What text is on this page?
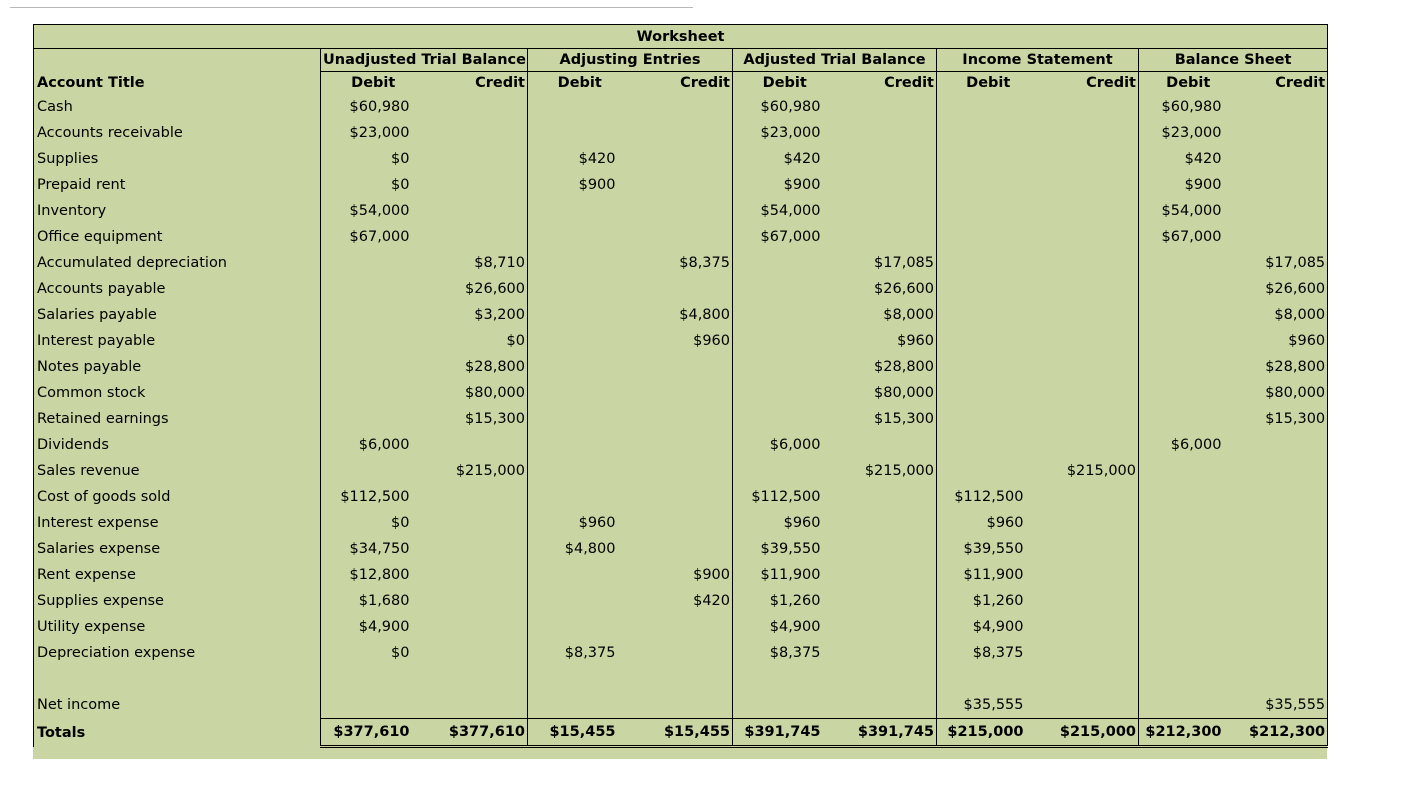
Worksheet										
	Unadjusted Trial Balance		Adjusting Entries		Adjusted Trial Balance		Income Statement		Balance Sheet	
Account Title	Debit	Credit	Debit	Credit	Debit	Credit	Debit	Credit	Debit	Credit
Cash	$60,980				$60,980				$60,980	
Accounts receivable	$23,000				$23,000				$23,000	
Supplies	$0		$420		$420				$420	
Prepaid rent	$0		$900		$900				$900	
Inventory	$54,000				$54,000				$54,000	
Office equipment	$67,000				$67,000				$67,000	
Accumulated depreciation		$8,710		$8,375		$17,085				$17,085
Accounts payable		$26,600				$26,600				$26,600
Salaries payable		$3,200		$4,800		$8,000				$8,000
Interest payable		$0		$960		$960				$960
Notes payable		$28,800				$28,800				$28,800
Common stock		$80,000				$80,000				$80,000
Retained earnings		$15,300				$15,300				$15,300
Dividends	$6,000				$6,000				$6,000	
Sales revenue		$215,000				$215,000		$215,000		
Cost of goods sold	$112,500				$112,500		$112,500			
Interest expense	$0		$960		$960		$960			
Salaries expense	$34,750		$4,800		$39,550		$39,550			
Rent expense	$12,800			$900	$11,900		$11,900			
Supplies expense	$1,680			$420	$1,260		$1,260			
Utility expense	$4,900				$4,900		$4,900			
Depreciation expense	$0		$8,375		$8,375		$8,375			

Net income							$35,555			$35,555
Totals	$377,610	$377,610	$15,455	$15,455	$391,745	$391,745	$215,000	$215,000	$212,300	$212,300
